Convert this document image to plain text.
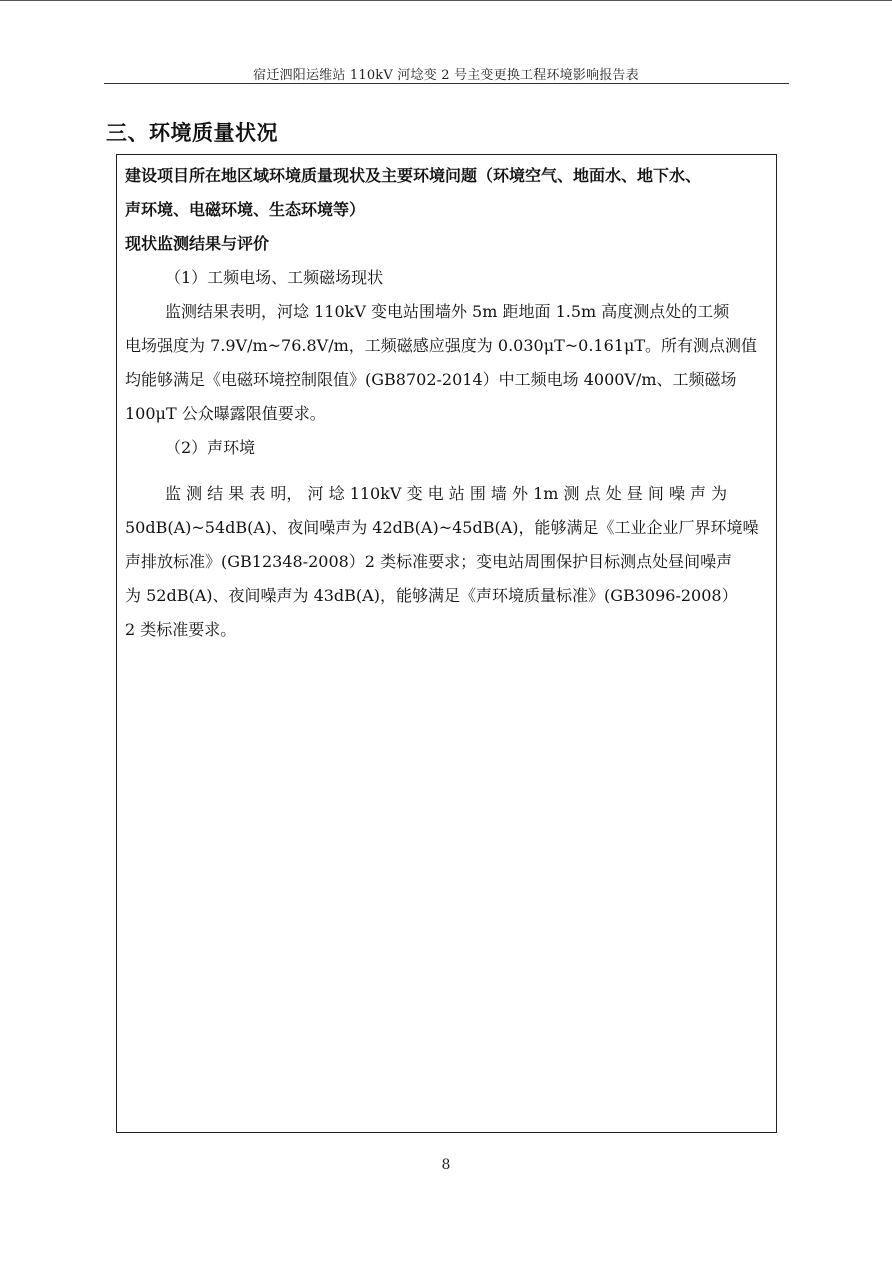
宿迁泗阳运维站 110kV 河埝变 2 号主变更换工程环境影响报告表
三、环境质量状况
建设项目所在地区域环境质量现状及主要环境问题（环境空气、地面水、地下水、
声环境、电磁环境、生态环境等）
现状监测结果与评价
（1）工频电场、工频磁场现状
监测结果表明，河埝 110kV 变电站围墙外 5m 距地面 1.5m 高度测点处的工频
电场强度为 7.9V/m~76.8V/m，工频磁感应强度为 0.030μT~0.161μT。所有测点测值
均能够满足《电磁环境控制限值》(GB8702-2014）中工频电场 4000V/m、工频磁场
100μT 公众曝露限值要求。
（2）声环境
监 测 结 果 表 明， 河 埝 110kV 变 电 站 围 墙 外 1m 测 点 处 昼 间 噪 声 为
50dB(A)~54dB(A)、夜间噪声为 42dB(A)~45dB(A)，能够满足《工业企业厂界环境噪
声排放标准》(GB12348-2008）2 类标准要求；变电站周围保护目标测点处昼间噪声
为 52dB(A)、夜间噪声为 43dB(A)，能够满足《声环境质量标准》(GB3096-2008）
2 类标准要求。
8
